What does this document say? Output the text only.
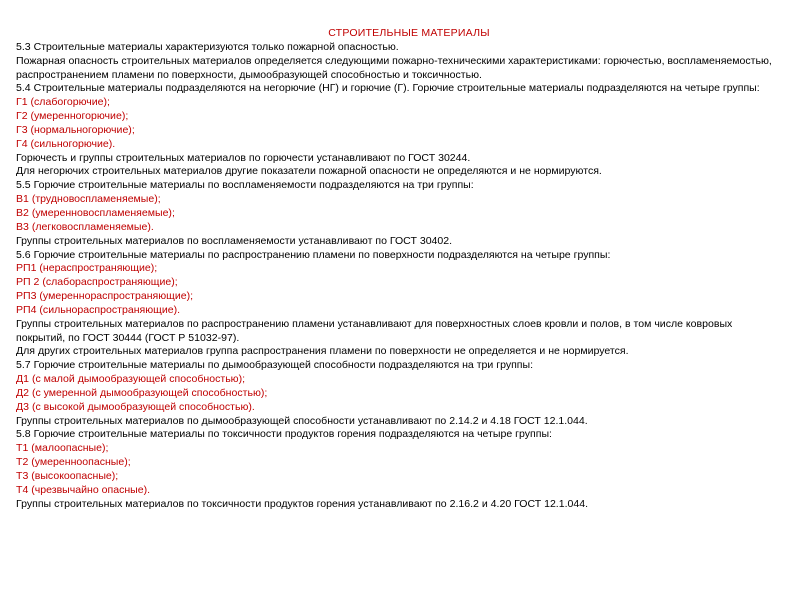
СТРОИТЕЛЬНЫЕ МАТЕРИАЛЫ
5.3 Строительные материалы характеризуются только пожарной опасностью.
Пожарная опасность строительных материалов определяется следующими пожарно-техническими характеристиками: горючестью, воспламеняемостью, распространением пламени по поверхности, дымообразующей способностью и токсичностью.
5.4 Строительные материалы подразделяются на негорючие (НГ) и горючие (Г). Горючие строительные материалы подразделяются на четыре группы:
Г1 (слабогорючие);
Г2 (умеренногорючие);
Г3 (нормальногорючие);
Г4 (сильногорючие).
Горючесть и группы строительных материалов по горючести устанавливают по ГОСТ 30244.
Для негорючих строительных материалов другие показатели пожарной опасности не определяются и не нормируются.
5.5 Горючие строительные материалы по воспламеняемости подразделяются на три группы:
В1 (трудновоспламеняемые);
В2 (умеренновоспламеняемые);
В3 (легковоспламеняемые).
Группы строительных материалов по воспламеняемости устанавливают по ГОСТ 30402.
5.6 Горючие строительные материалы по распространению пламени по поверхности подразделяются на четыре группы:
РП1 (нераспространяющие);
РП 2 (слабораспространяющие);
РП3 (умереннораспространяющие);
РП4 (сильнораспространяющие).
Группы строительных материалов по распространению пламени устанавливают для поверхностных слоев кровли и полов, в том числе ковровых покрытий, по ГОСТ 30444 (ГОСТ Р 51032-97).
Для других строительных материалов группа распространения пламени по поверхности не определяется и не нормируется.
5.7 Горючие строительные материалы по дымообразующей способности подразделяются на три группы:
Д1 (с малой дымообразующей способностью);
Д2 (с умеренной дымообразующей способностью);
Д3 (с высокой дымообразующей способностью).
Группы строительных материалов по дымообразующей способности устанавливают по 2.14.2 и 4.18 ГОСТ 12.1.044.
5.8 Горючие строительные материалы по токсичности продуктов горения подразделяются на четыре группы:
Т1 (малоопасные);
Т2 (умеренноопасные);
Т3 (высокоопасные);
Т4 (чрезвычайно опасные).
Группы строительных материалов по токсичности продуктов горения устанавливают по 2.16.2 и 4.20 ГОСТ 12.1.044.
